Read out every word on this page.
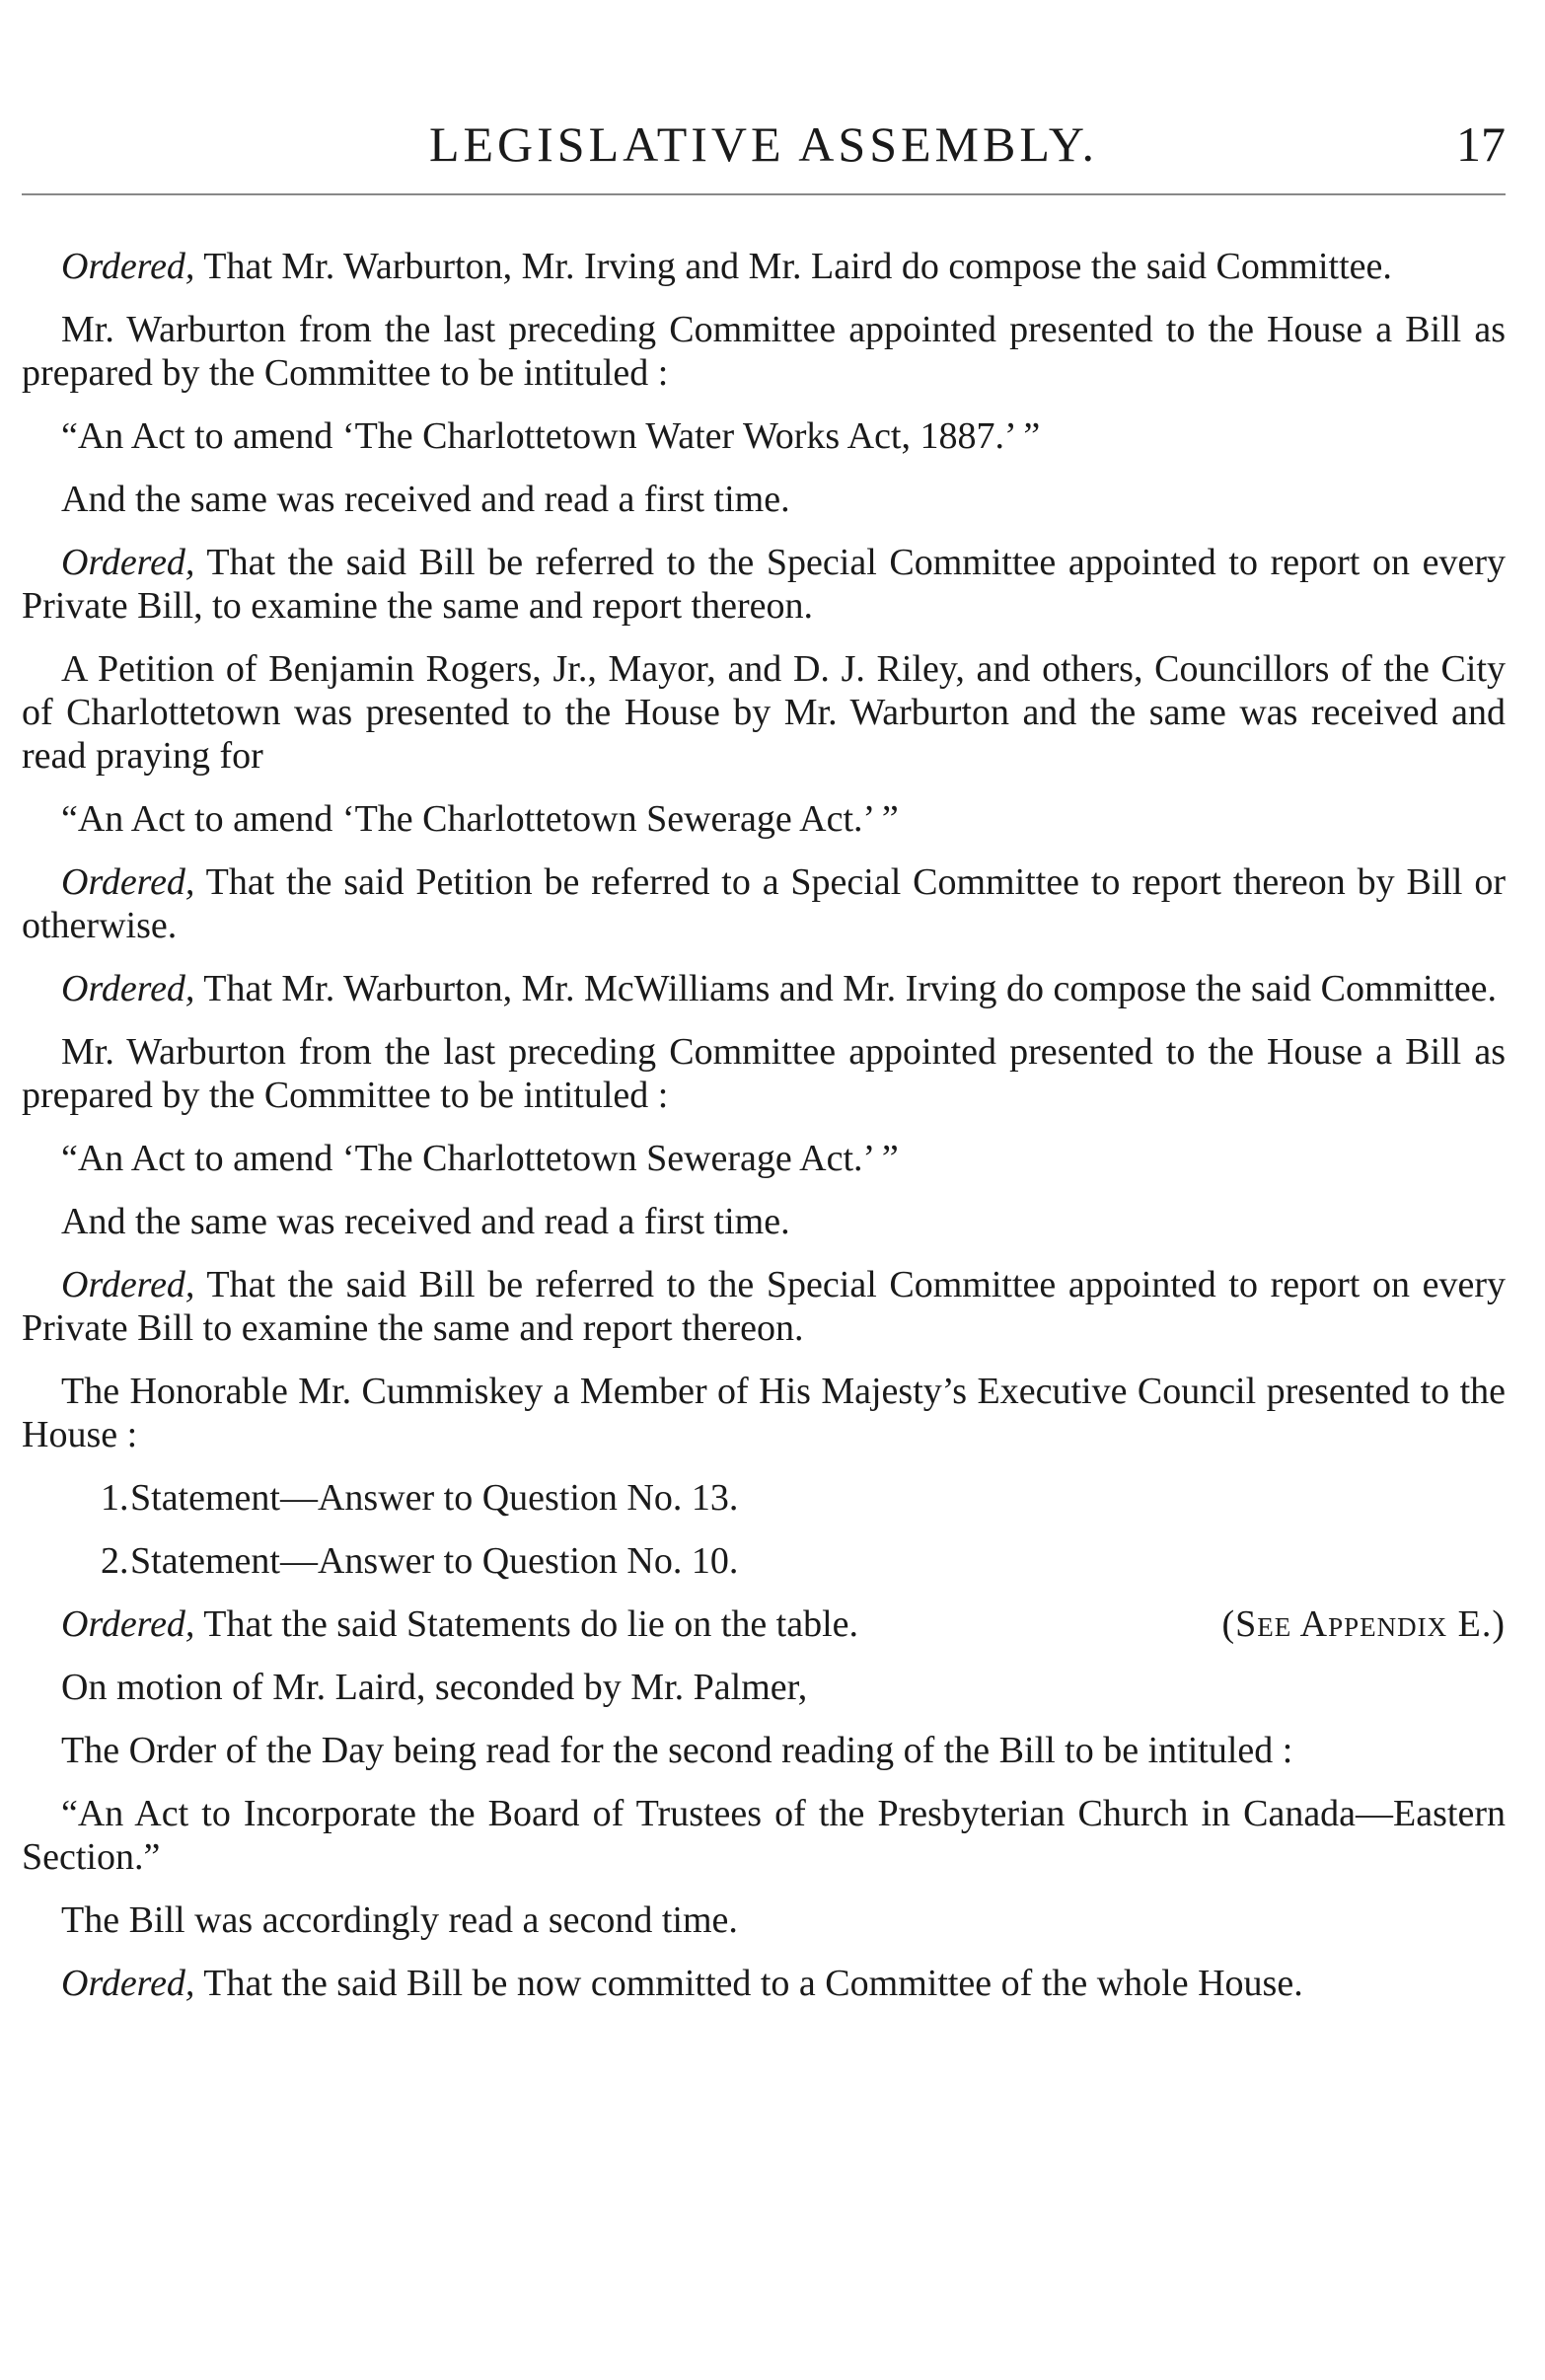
LEGISLATIVE ASSEMBLY.	17

Ordered, That Mr. Warburton, Mr. Irving and Mr. Laird do compose the said Committee.

Mr. Warburton from the last preceding Committee appointed presented to the House a Bill as prepared by the Committee to be intituled :

“An Act to amend ‘The Charlottetown Water Works Act, 1887.’ ”

And the same was received and read a first time.

Ordered, That the said Bill be referred to the Special Committee appointed to report on every Private Bill, to examine the same and report thereon.

A Petition of Benjamin Rogers, Jr., Mayor, and D. J. Riley, and others, Councillors of the City of Charlottetown was presented to the House by Mr. Warburton and the same was received and read praying for

“An Act to amend ‘The Charlottetown Sewerage Act.’ ”

Ordered, That the said Petition be referred to a Special Committee to report thereon by Bill or otherwise.

Ordered, That Mr. Warburton, Mr. McWilliams and Mr. Irving do compose the said Committee.

Mr. Warburton from the last preceding Committee appointed presented to the House a Bill as prepared by the Committee to be intituled :

“An Act to amend ‘The Charlottetown Sewerage Act.’ ”

And the same was received and read a first time.

Ordered, That the said Bill be referred to the Special Committee appointed to report on every Private Bill to examine the same and report thereon.

The Honorable Mr. Cummiskey a Member of His Majesty’s Executive Council presented to the House :

1.Statement—Answer to Question No. 13.

2.Statement—Answer to Question No. 10.

Ordered, That the said Statements do lie on the table.	(See Appendix E.)

On motion of Mr. Laird, seconded by Mr. Palmer,

The Order of the Day being read for the second reading of the Bill to be intituled :

“An Act to Incorporate the Board of Trustees of the Presbyterian Church in Canada—Eastern Section.”

The Bill was accordingly read a second time.

Ordered, That the said Bill be now committed to a Committee of the whole House.
